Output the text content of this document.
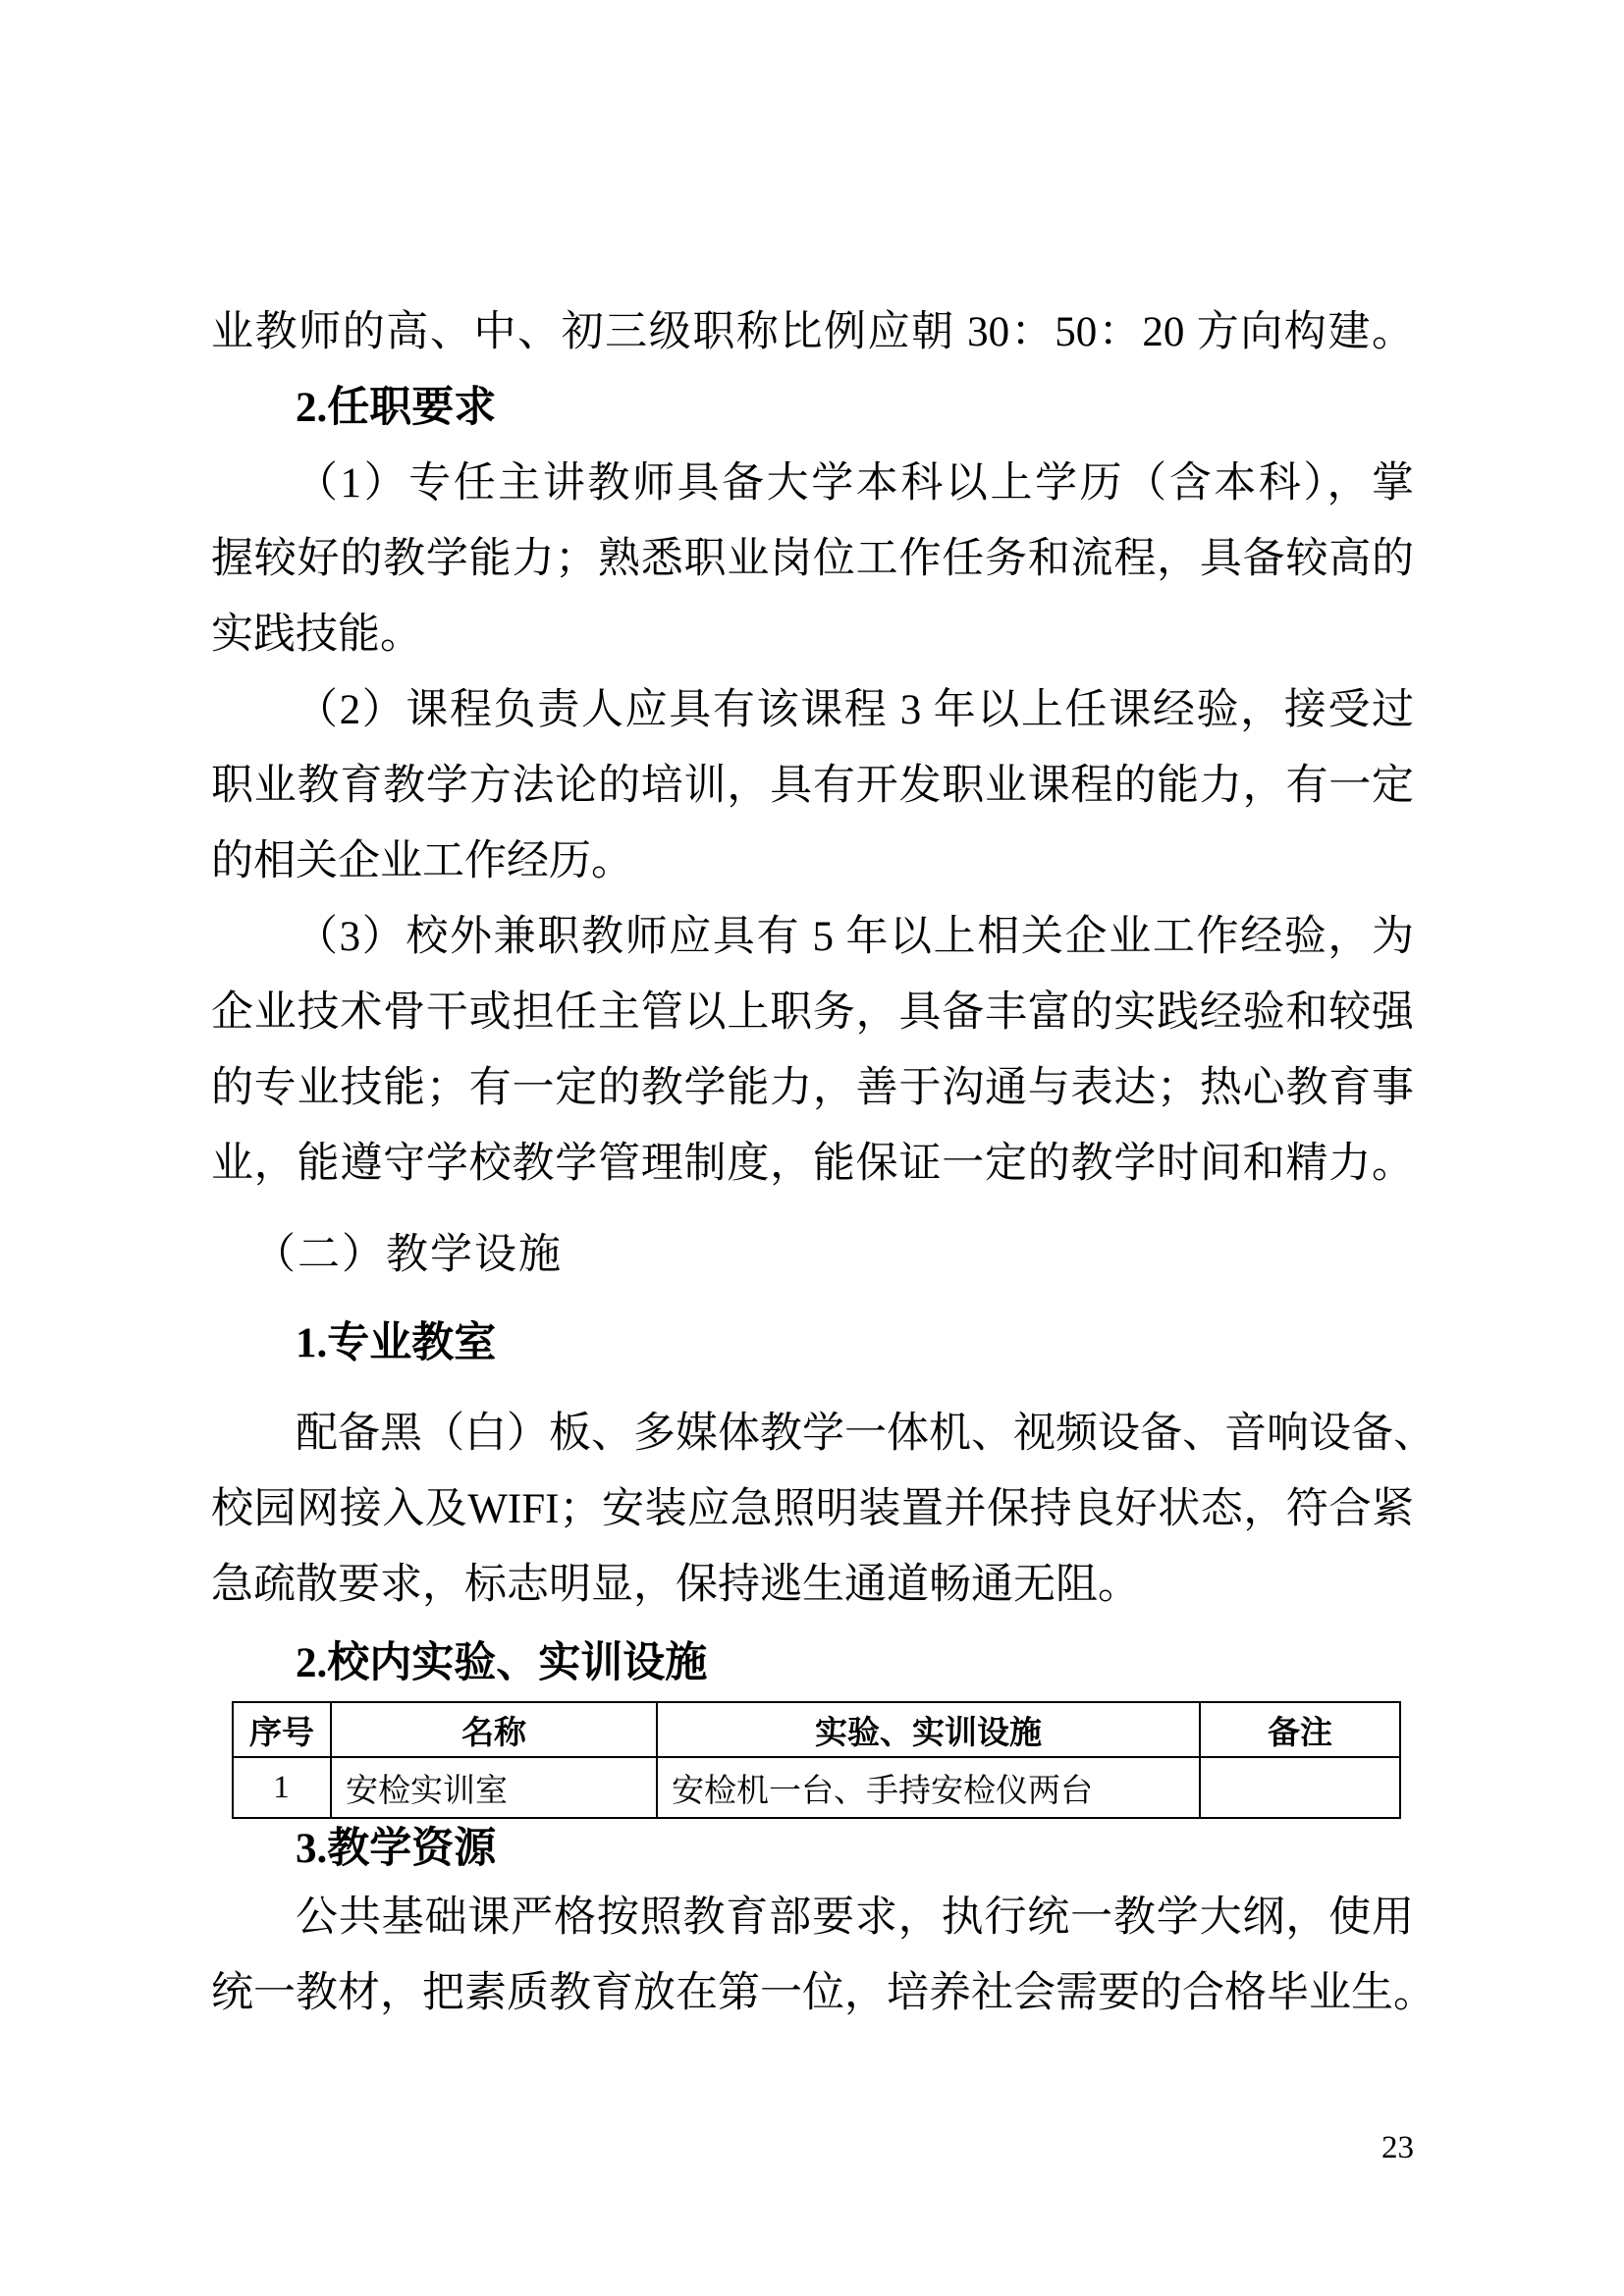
业教师的高、中、初三级职称比例应朝 30：50：20 方向构建。
2.任职要求
（1）专任主讲教师具备大学本科以上学历（含本科），掌
握较好的教学能力；熟悉职业岗位工作任务和流程，具备较高的
实践技能。
（2）课程负责人应具有该课程 3 年以上任课经验，接受过
职业教育教学方法论的培训，具有开发职业课程的能力，有一定
的相关企业工作经历。
（3）校外兼职教师应具有 5 年以上相关企业工作经验，为
企业技术骨干或担任主管以上职务，具备丰富的实践经验和较强
的专业技能；有一定的教学能力，善于沟通与表达；热心教育事
业，能遵守学校教学管理制度，能保证一定的教学时间和精力。
（二）教学设施
1.专业教室
配备黑（白）板、多媒体教学一体机、视频设备、音响设备、
校园网接入及WIFI；安装应急照明装置并保持良好状态，符合紧
急疏散要求，标志明显，保持逃生通道畅通无阻。
2.校内实验、实训设施
序号	名称	实验、实训设施	备注
1	安检实训室	安检机一台、手持安检仪两台	
3.教学资源
公共基础课严格按照教育部要求，执行统一教学大纲，使用
统一教材，把素质教育放在第一位，培养社会需要的合格毕业生。
23
